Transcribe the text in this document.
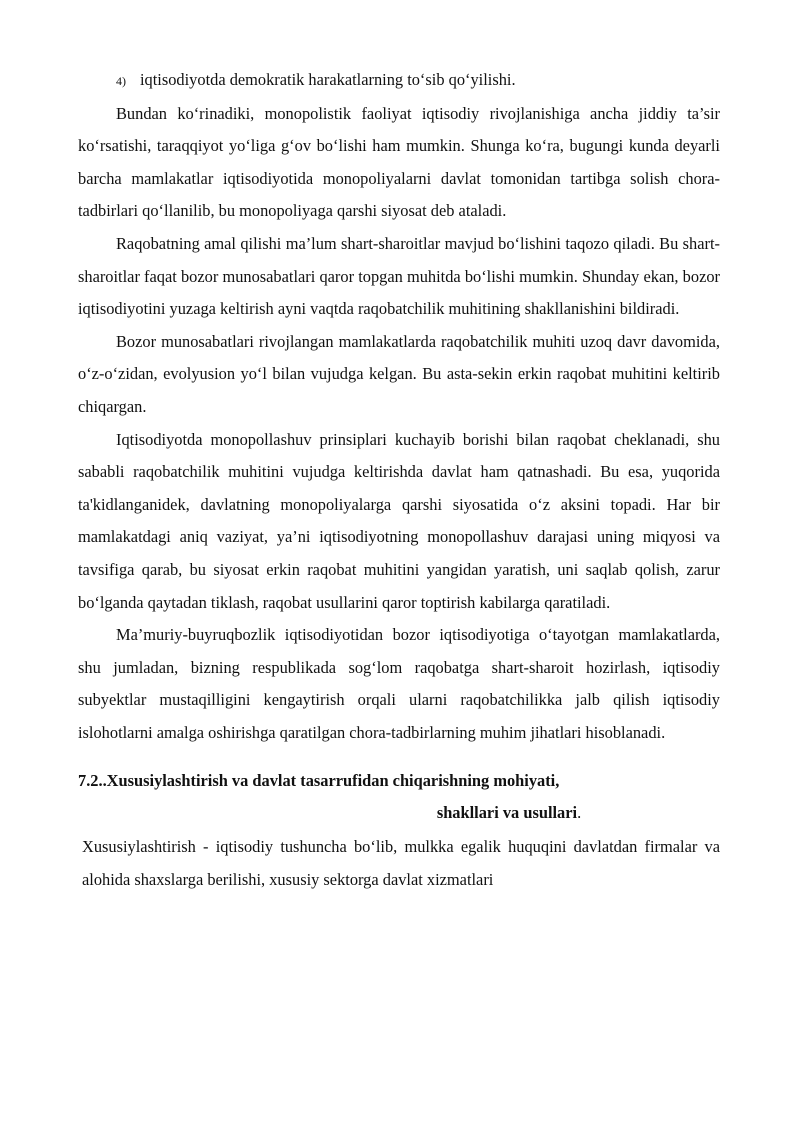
4) iqtisodiyotda demokratik harakatlarning to‘sib qo‘yilishi.

Bundan ko‘rinadiki, monopolistik faoliyat iqtisodiy rivojlanishiga ancha jiddiy ta’sir ko‘rsatishi, taraqqiyot yo‘liga g‘ov bo‘lishi ham mumkin. Shunga ko‘ra, bugungi kunda deyarli barcha mamlakatlar iqtisodiyotida monopoliyalarni davlat tomonidan tartibga solish chora-tadbirlari qo‘llanilib, bu monopoliyaga qarshi siyosat deb ataladi.

Raqobatning amal qilishi ma’lum shart-sharoitlar mavjud bo‘lishini taqozo qiladi. Bu shart-sharoitlar faqat bozor munosabatlari qaror topgan muhitda bo‘lishi mumkin. Shunday ekan, bozor iqtisodiyotini yuzaga keltirish ayni vaqtda raqobatchilik muhitining shakllanishini bildiradi.

Bozor munosabatlari rivojlangan mamlakatlarda raqobatchilik muhiti uzoq davr davomida, o‘z-o‘zidan, evolyusion yo‘l bilan vujudga kelgan. Bu asta-sekin erkin raqobat muhitini keltirib chiqargan.

Iqtisodiyotda monopollashuv prinsiplari kuchayib borishi bilan raqobat cheklanadi, shu sababli raqobatchilik muhitini vujudga keltirishda davlat ham qatnashadi. Bu esa, yuqorida ta'kidlanganidek, davlatning monopoliyalarga qarshi siyosatida o‘z aksini topadi. Har bir mamlakatdagi aniq vaziyat, ya’ni iqtisodiyotning monopollashuv darajasi uning miqyosi va tavsifiga qarab, bu siyosat erkin raqobat muhitini yangidan yaratish, uni saqlab qolish, zarur bo‘lganda qaytadan tiklash, raqobat usullarini qaror toptirish kabilarga qaratiladi.

Ma’muriy-buyruqbozlik iqtisodiyotidan bozor iqtisodiyotiga o‘tayotgan mamlakatlarda, shu jumladan, bizning respublikada sog‘lom raqobatga shart-sharoit hozirlash, iqtisodiy subyektlar mustaqilligini kengaytirish orqali ularni raqobatchilikka jalb qilish iqtisodiy islohotlarni amalga oshirishga qaratilgan chora-tadbirlarning muhim jihatlari hisoblanadi.

7.2..Xususiylashtirish va davlat tasarrufidan chiqarishning mohiyati,
shakllari va usullari.

Xususiylashtirish - iqtisodiy tushuncha bo‘lib, mulkka egalik huquqini davlatdan firmalar va alohida shaxslarga berilishi, xususiy sektorga davlat xizmatlari
